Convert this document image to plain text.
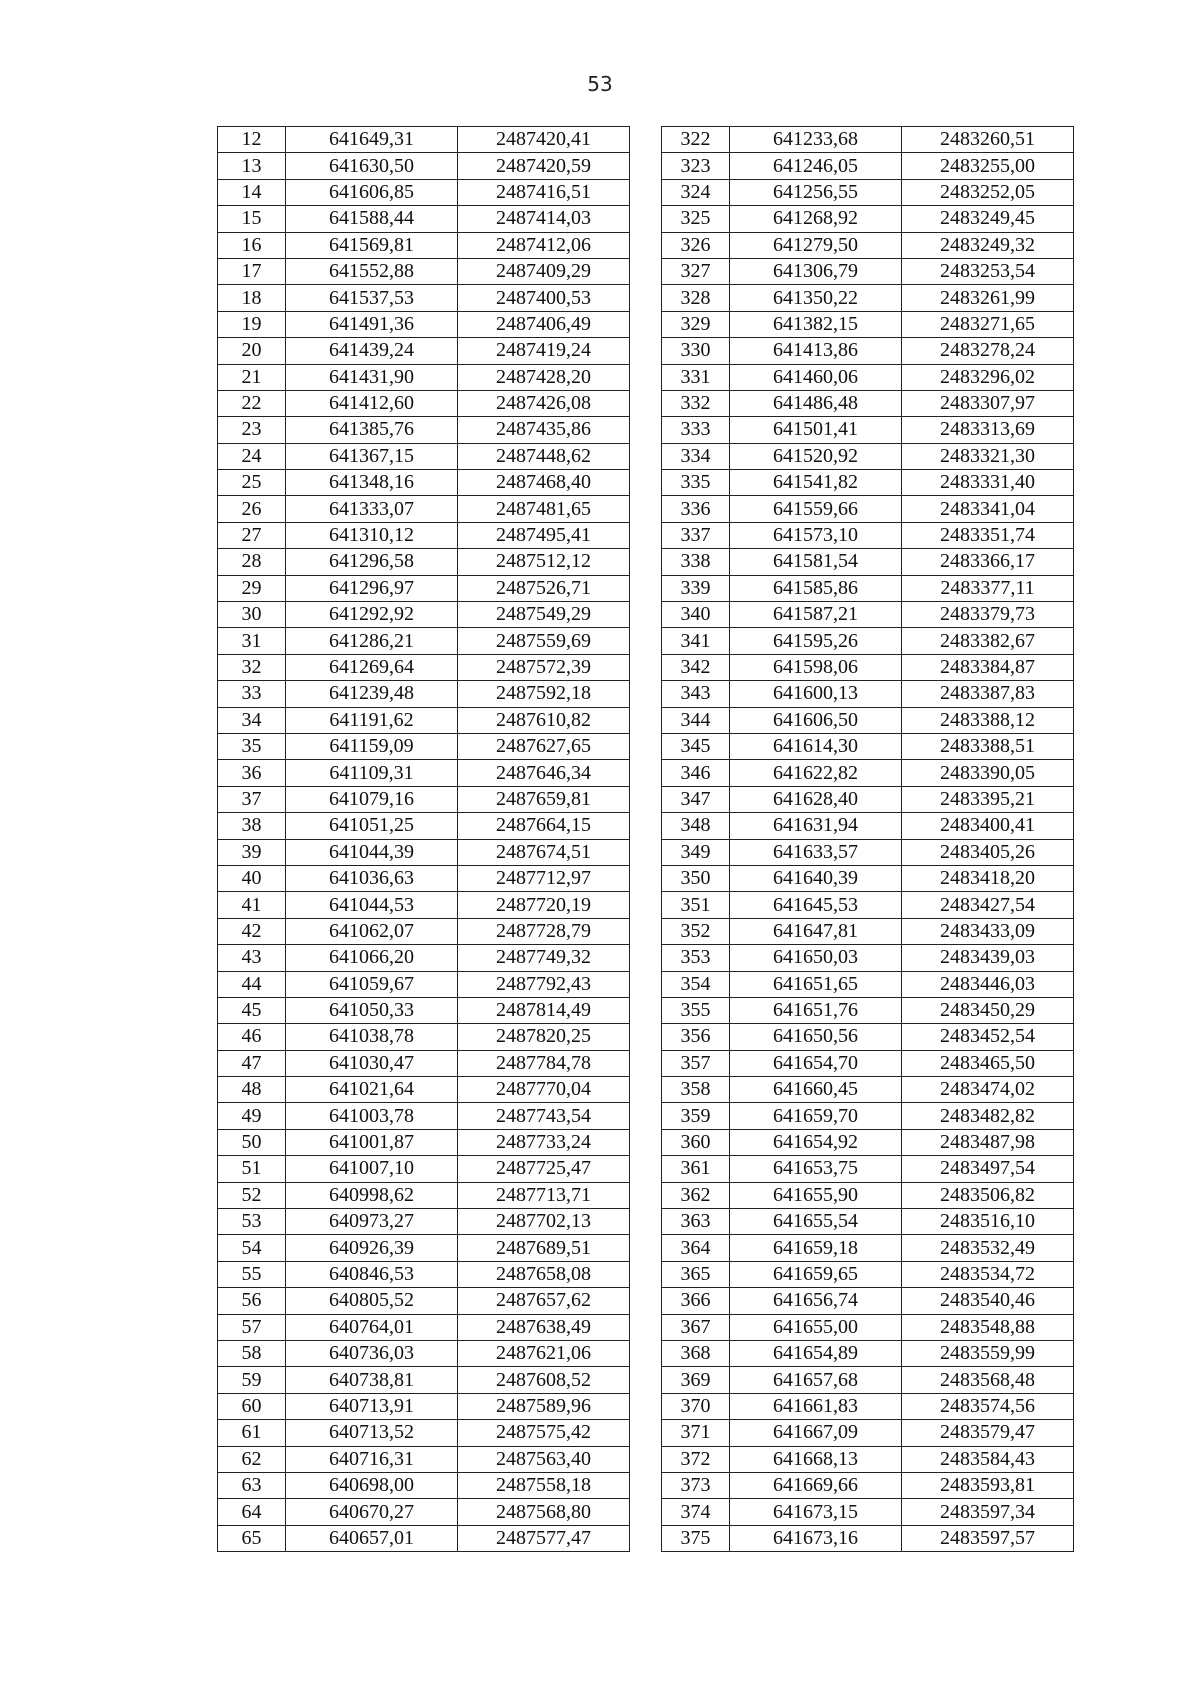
53
12	641649,31	2487420,41		322	641233,68	2483260,51
13	641630,50	2487420,59		323	641246,05	2483255,00
14	641606,85	2487416,51		324	641256,55	2483252,05
15	641588,44	2487414,03		325	641268,92	2483249,45
16	641569,81	2487412,06		326	641279,50	2483249,32
17	641552,88	2487409,29		327	641306,79	2483253,54
18	641537,53	2487400,53		328	641350,22	2483261,99
19	641491,36	2487406,49		329	641382,15	2483271,65
20	641439,24	2487419,24		330	641413,86	2483278,24
21	641431,90	2487428,20		331	641460,06	2483296,02
22	641412,60	2487426,08		332	641486,48	2483307,97
23	641385,76	2487435,86		333	641501,41	2483313,69
24	641367,15	2487448,62		334	641520,92	2483321,30
25	641348,16	2487468,40		335	641541,82	2483331,40
26	641333,07	2487481,65		336	641559,66	2483341,04
27	641310,12	2487495,41		337	641573,10	2483351,74
28	641296,58	2487512,12		338	641581,54	2483366,17
29	641296,97	2487526,71		339	641585,86	2483377,11
30	641292,92	2487549,29		340	641587,21	2483379,73
31	641286,21	2487559,69		341	641595,26	2483382,67
32	641269,64	2487572,39		342	641598,06	2483384,87
33	641239,48	2487592,18		343	641600,13	2483387,83
34	641191,62	2487610,82		344	641606,50	2483388,12
35	641159,09	2487627,65		345	641614,30	2483388,51
36	641109,31	2487646,34		346	641622,82	2483390,05
37	641079,16	2487659,81		347	641628,40	2483395,21
38	641051,25	2487664,15		348	641631,94	2483400,41
39	641044,39	2487674,51		349	641633,57	2483405,26
40	641036,63	2487712,97		350	641640,39	2483418,20
41	641044,53	2487720,19		351	641645,53	2483427,54
42	641062,07	2487728,79		352	641647,81	2483433,09
43	641066,20	2487749,32		353	641650,03	2483439,03
44	641059,67	2487792,43		354	641651,65	2483446,03
45	641050,33	2487814,49		355	641651,76	2483450,29
46	641038,78	2487820,25		356	641650,56	2483452,54
47	641030,47	2487784,78		357	641654,70	2483465,50
48	641021,64	2487770,04		358	641660,45	2483474,02
49	641003,78	2487743,54		359	641659,70	2483482,82
50	641001,87	2487733,24		360	641654,92	2483487,98
51	641007,10	2487725,47		361	641653,75	2483497,54
52	640998,62	2487713,71		362	641655,90	2483506,82
53	640973,27	2487702,13		363	641655,54	2483516,10
54	640926,39	2487689,51		364	641659,18	2483532,49
55	640846,53	2487658,08		365	641659,65	2483534,72
56	640805,52	2487657,62		366	641656,74	2483540,46
57	640764,01	2487638,49		367	641655,00	2483548,88
58	640736,03	2487621,06		368	641654,89	2483559,99
59	640738,81	2487608,52		369	641657,68	2483568,48
60	640713,91	2487589,96		370	641661,83	2483574,56
61	640713,52	2487575,42		371	641667,09	2483579,47
62	640716,31	2487563,40		372	641668,13	2483584,43
63	640698,00	2487558,18		373	641669,66	2483593,81
64	640670,27	2487568,80		374	641673,15	2483597,34
65	640657,01	2487577,47		375	641673,16	2483597,57
